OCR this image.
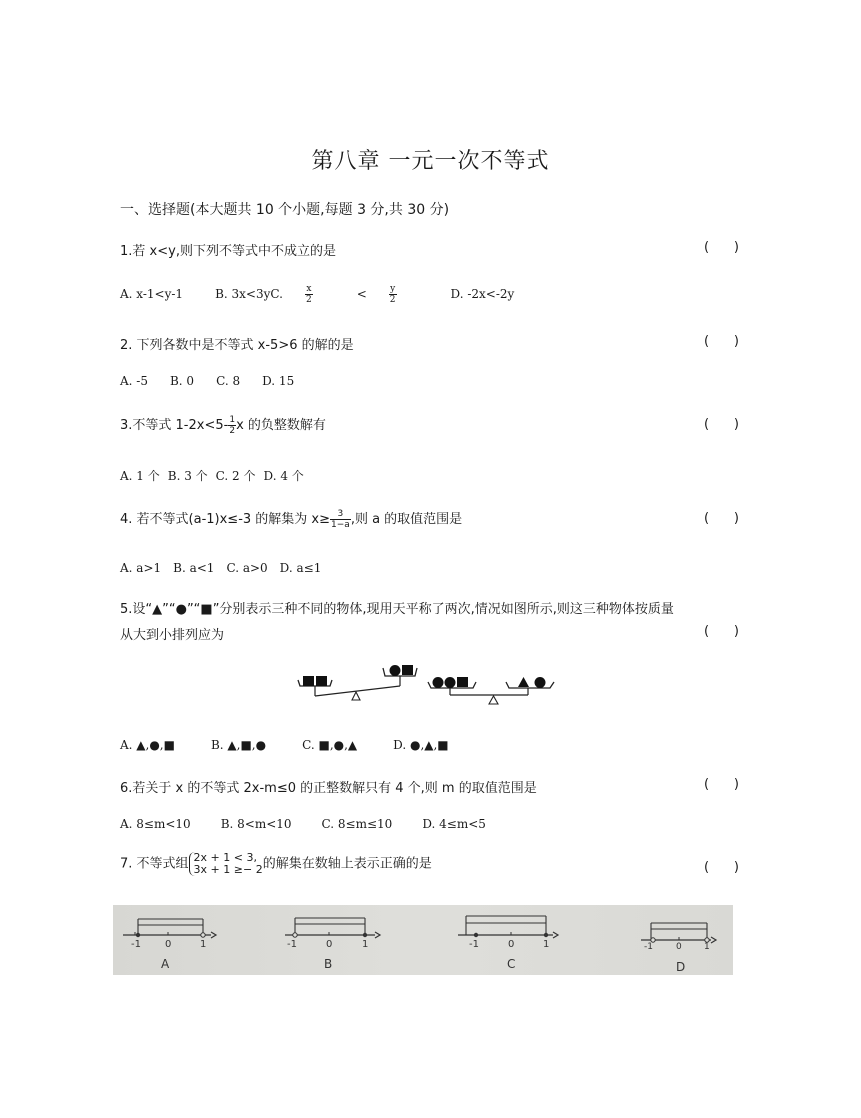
第八章 一元一次不等式
一、选择题(本大题共 10 个小题,每题 3 分,共 30 分)
1.若 x<y,则下列不等式中不成立的是	(      )
A. x-1<y-1	B. 3x<3yC. $\frac{x}{2} < \frac{y}{2}$	D. -2x<-2y
2. 下列各数中是不等式 x-5>6 的解的是	(      )
A. -5 B. 0 C. 8 D. 15
3.不等式 $1-2x<5- \frac{1}{2}$ x 的负整数解有	(      )
A. 1 个 B. 3 个 C. 2 个 D. 4 个
4. 若不等式(a-1)x≤-3 的解集为 $x\ge \frac{3}{1-a}$ ,则 a 的取值范围是	(      )
A. a>1 B. a<1 C. a>0 D. a≤1
5.设“▲”“●”“■”分别表示三种不同的物体,现用天平称了两次,情况如图所示,则这三种物体按质量
从大到小排列应为	(      )
A. ▲,●,■	B. ▲,■,●	C. ■,●,▲	D. ●,▲,■
6.若关于 x 的不等式 2x-m≤0 的正整数解只有 4 个,则 m 的取值范围是	(      )
A. 8≤m<10	B. 8<m<10	C. 8≤m≤10	D. 4≤m<5
7. 不等式组 2x + 1 < 3,
3x + 1 ≥− 2 的解集在数轴上表示正确的是	(      )
-1 0	1
A
-1	0	1
B
-1	0	1
C
-1	0 1
D
